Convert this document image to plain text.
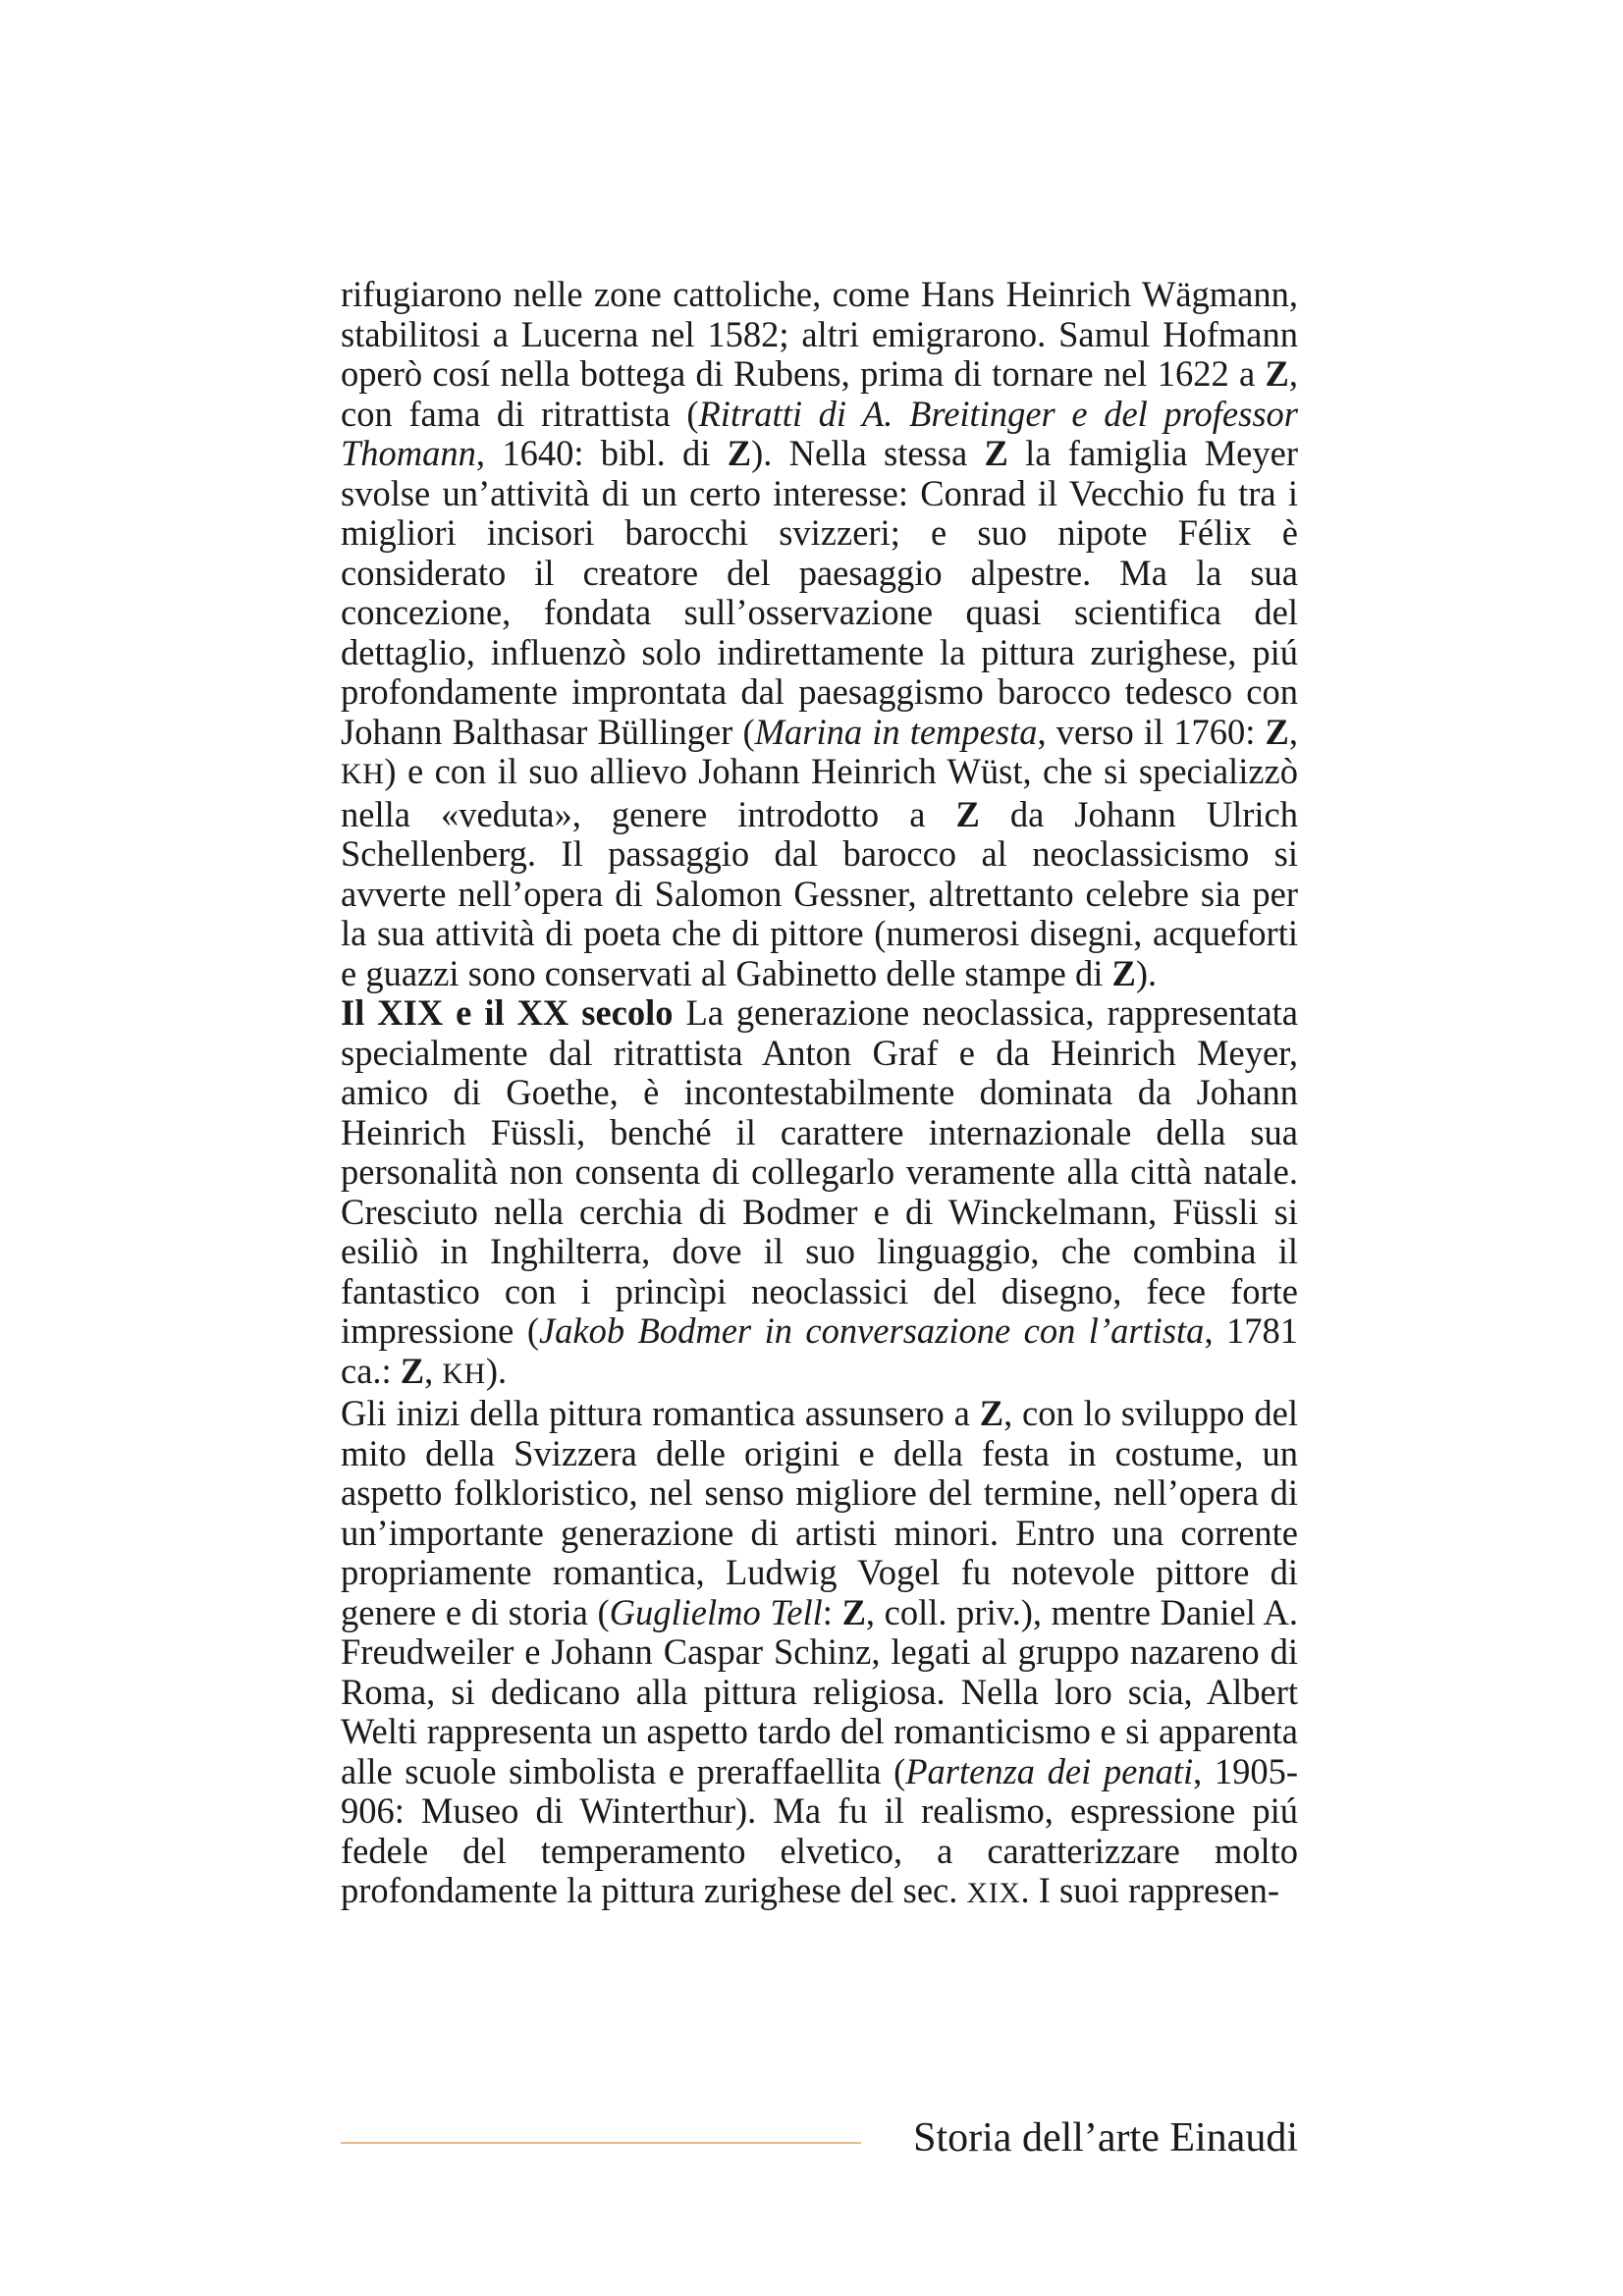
rifugiarono nelle zone cattoliche, come Hans Heinrich Wägmann, stabilitosi a Lucerna nel 1582; altri emigrarono. Samul Hofmann operò cosí nella bottega di Rubens, prima di tornare nel 1622 a Z, con fama di ritrattista (Ritratti di A. Breitinger e del professor Thomann, 1640: bibl. di Z). Nella stessa Z la famiglia Meyer svolse un’attività di un certo interesse: Conrad il Vecchio fu tra i migliori incisori barocchi svizzeri; e suo nipote Félix è considerato il creatore del paesaggio alpestre. Ma la sua concezione, fondata sull’osservazione quasi scientifica del dettaglio, influenzò solo indirettamente la pittura zurighese, piú profondamente improntata dal paesaggismo barocco tedesco con Johann Balthasar Büllinger (Marina in tempesta, verso il 1760: Z, KH) e con il suo allievo Johann Heinrich Wüst, che si specializzò nella «veduta», genere introdotto a Z da Johann Ulrich Schellenberg. Il passaggio dal barocco al neoclassicismo si avverte nell’opera di Salomon Gessner, altrettanto celebre sia per la sua attività di poeta che di pittore (numerosi disegni, acqueforti e guazzi sono conservati al Gabinetto delle stampe di Z).

Il XIX e il XX secolo La generazione neoclassica, rappresentata specialmente dal ritrattista Anton Graf e da Heinrich Meyer, amico di Goethe, è incontestabilmente dominata da Johann Heinrich Füssli, benché il carattere internazionale della sua personalità non consenta di collegarlo veramente alla città natale. Cresciuto nella cerchia di Bodmer e di Winckelmann, Füssli si esiliò in Inghilterra, dove il suo linguaggio, che combina il fantastico con i princìpi neoclassici del disegno, fece forte impressione (Jakob Bodmer in conversazione con l’artista, 1781 ca.: Z, KH).

Gli inizi della pittura romantica assunsero a Z, con lo sviluppo del mito della Svizzera delle origini e della festa in costume, un aspetto folkloristico, nel senso migliore del termine, nell’opera di un’importante generazione di artisti minori. Entro una corrente propriamente romantica, Ludwig Vogel fu notevole pittore di genere e di storia (Guglielmo Tell: Z, coll. priv.), mentre Daniel A. Freudweiler e Johann Caspar Schinz, legati al gruppo nazareno di Roma, si dedicano alla pittura religiosa. Nella loro scia, Albert Welti rappresenta un aspetto tardo del romanticismo e si apparenta alle scuole simbolista e preraffaellita (Partenza dei penati, 1905-906: Museo di Winterthur). Ma fu il realismo, espressione piú fedele del temperamento elvetico, a caratterizzare molto profondamente la pittura zurighese del sec. XIX. I suoi rappresen-

Storia dell’arte Einaudi
